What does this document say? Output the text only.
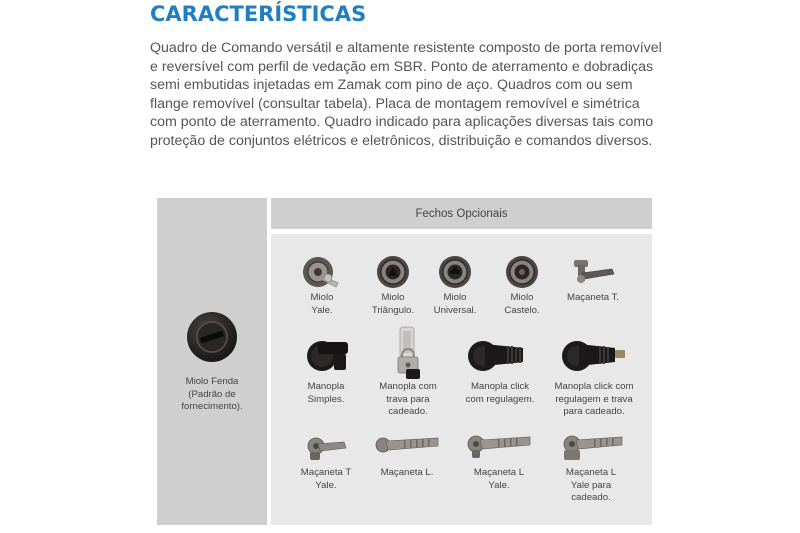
CARACTERÍSTICAS

Quadro de Comando versátil e altamente resistente composto de porta removível e reversível com perfil de vedação em SBR. Ponto de aterramento e dobradiças semi embutidas injetadas em Zamak com pino de aço. Quadros com ou sem flange removível (consultar tabela). Placa de montagem removível e simétrica com ponto de aterramento. Quadro indicado para aplicações diversas tais como proteção de conjuntos elétricos e eletrônicos, distribuição e comandos diversos.

Fechos Opcionais
Miolo Fenda
(Padrão de
fornecimento).
Miolo
Yale.
Miolo
Triângulo.
Miolo
Universal.
Miolo
Castelo.
Maçaneta T.
Manopla
Simples.
Manopla com
trava para
cadeado.
Manopla click
com regulagem.
Manopla click com
regulagem e trava
para cadeado.
Maçaneta T
Yale.
Maçaneta L.	Maçaneta L
Yale.
Maçaneta L
Yale para
cadeado.
